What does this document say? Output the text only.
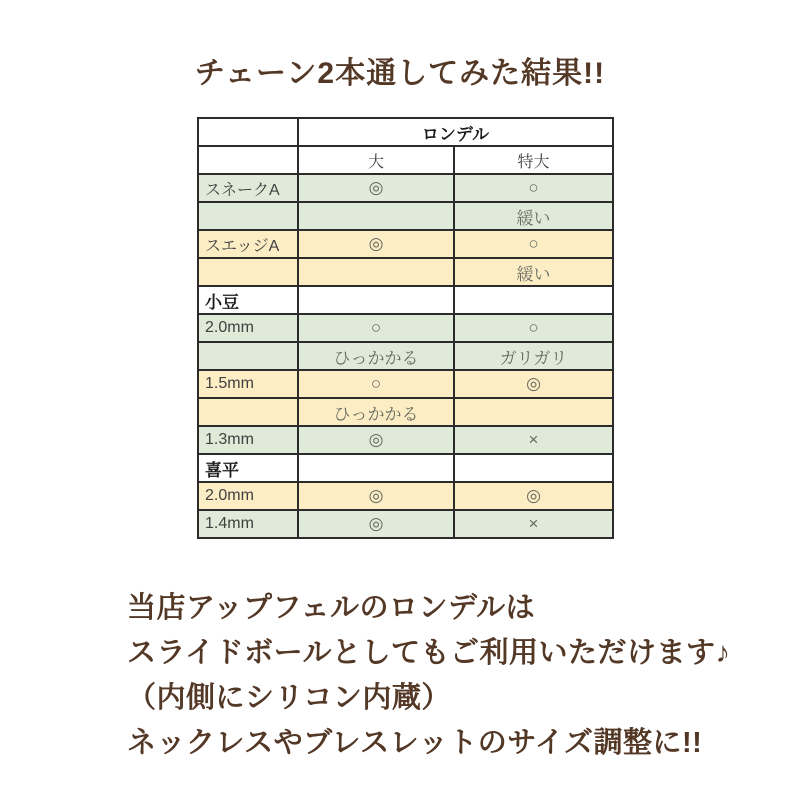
チェーン2本通してみた結果!!
	ロンデル	
	大	特大
スネークA	◎	○
		緩い
スエッジA	◎	○
		緩い
小豆		
2.0mm	○	○
	ひっかかる	ガリガリ
1.5mm	○	◎
	ひっかかる	
1.3mm	◎	×
喜平		
2.0mm	◎	◎
1.4mm	◎	×

当店アップフェルのロンデルは

スライドボールとしてもご利用いただけます♪

（内側にシリコン内蔵）

ネックレスやブレスレットのサイズ調整に!!
